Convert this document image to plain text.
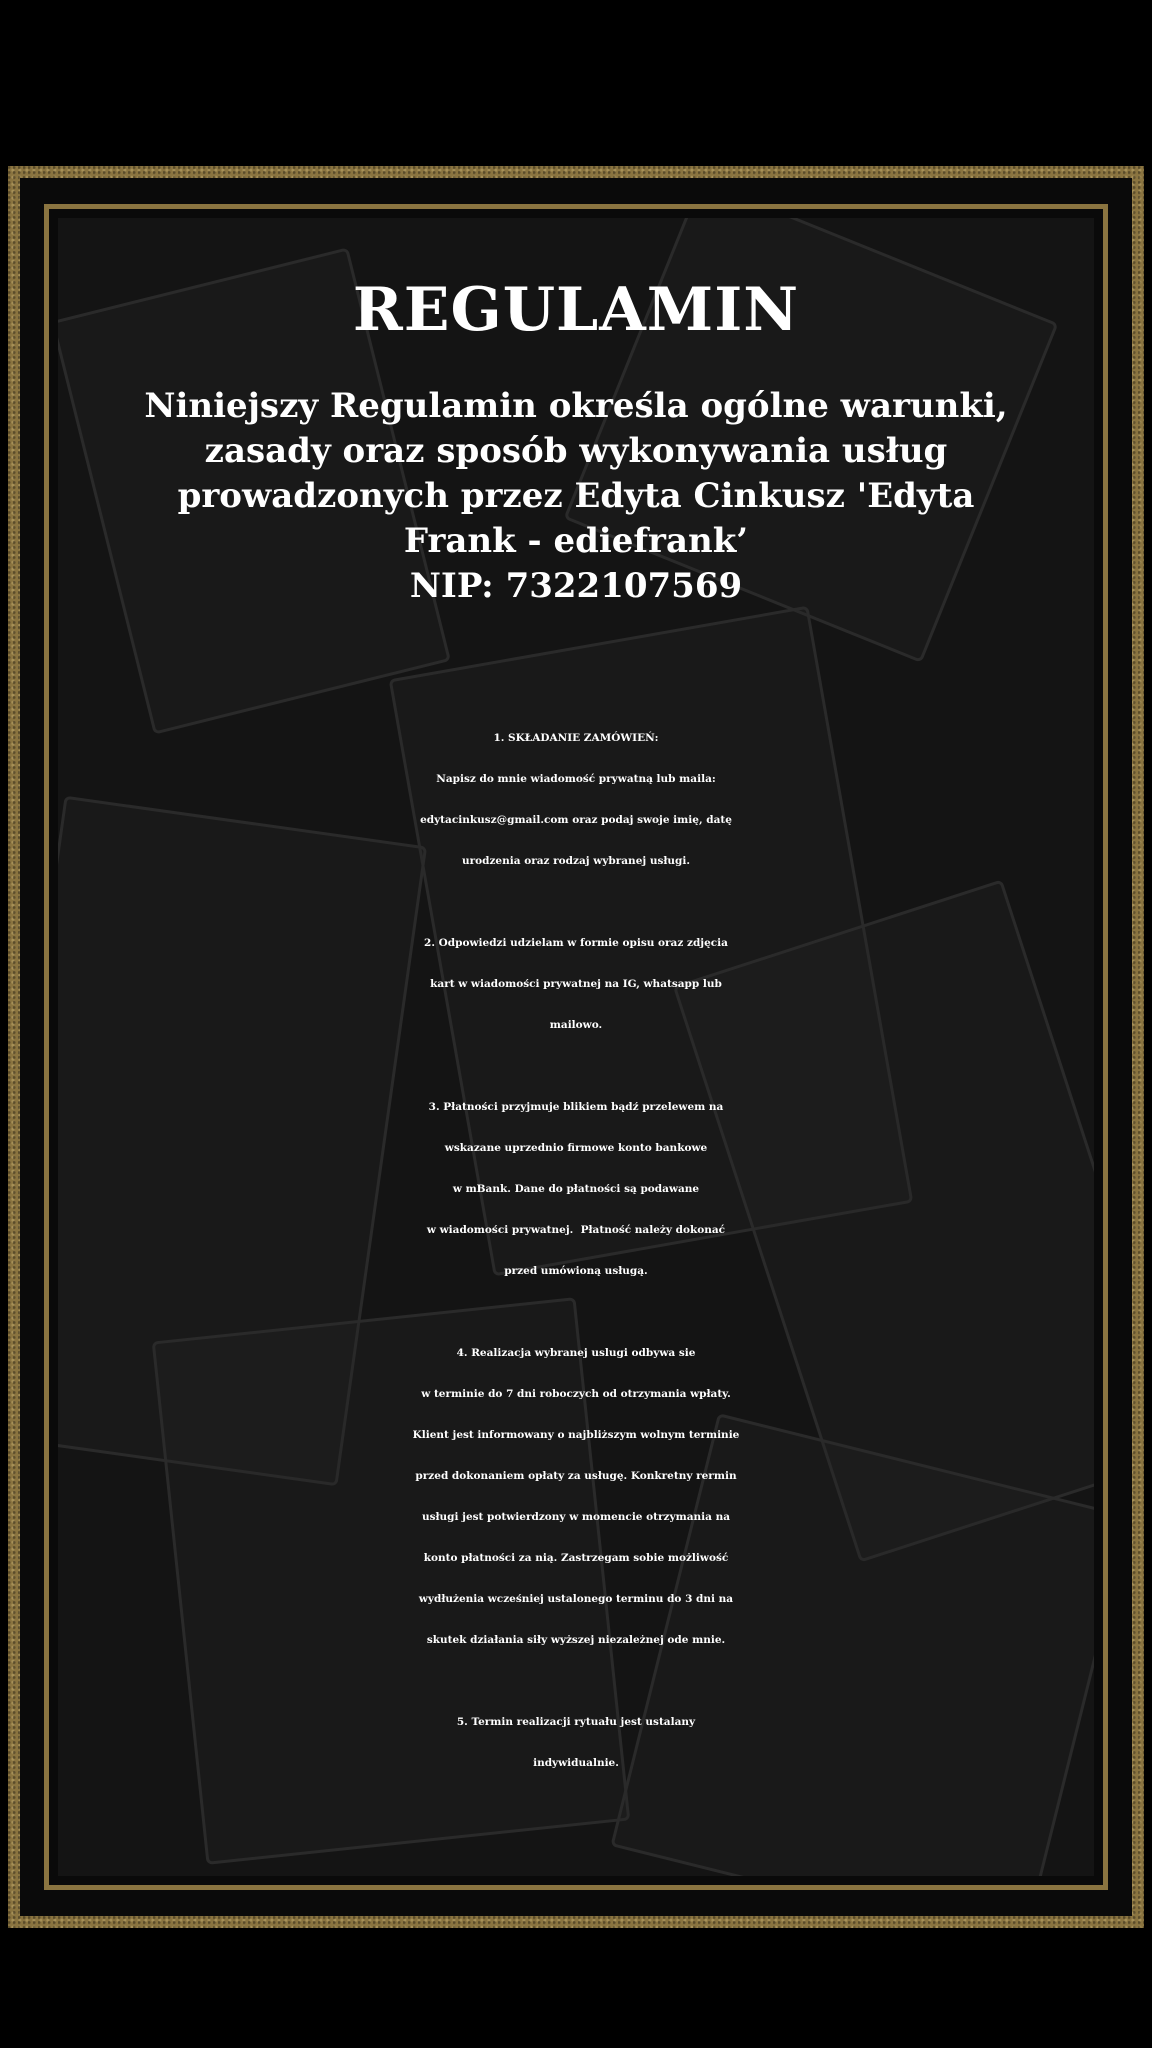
REGULAMIN
Niniejszy Regulamin określa ogólne warunki,
zasady oraz sposób wykonywania usług
prowadzonych przez Edyta Cinkusz 'Edyta
Frank - ediefrank’
NIP: 7322107569
1. SKŁADANIE ZAMÓWIEŃ:
Napisz do mnie wiadomość prywatną lub maila:
edytacinkusz@gmail.com oraz podaj swoje imię, datę
urodzenia oraz rodzaj wybranej usługi.
2. Odpowiedzi udzielam w formie opisu oraz zdjęcia
kart w wiadomości prywatnej na IG, whatsapp lub
mailowo.
3. Płatności przyjmuje blikiem bądź przelewem na
wskazane uprzednio firmowe konto bankowe
w mBank. Dane do płatności są podawane
w wiadomości prywatnej.  Płatność należy dokonać
przed umówioną usługą.
4. Realizacja wybranej uslugi odbywa sie
w terminie do 7 dni roboczych od otrzymania wpłaty.
Klient jest informowany o najbliższym wolnym terminie
przed dokonaniem opłaty za usługę. Konkretny rermin
usługi jest potwierdzony w momencie otrzymania na
konto płatności za nią. Zastrzegam sobie możliwość
wydłużenia wcześniej ustalonego terminu do 3 dni na
skutek działania siły wyższej niezależnej ode mnie.
5. Termin realizacji rytuału jest ustalany
indywidualnie.
